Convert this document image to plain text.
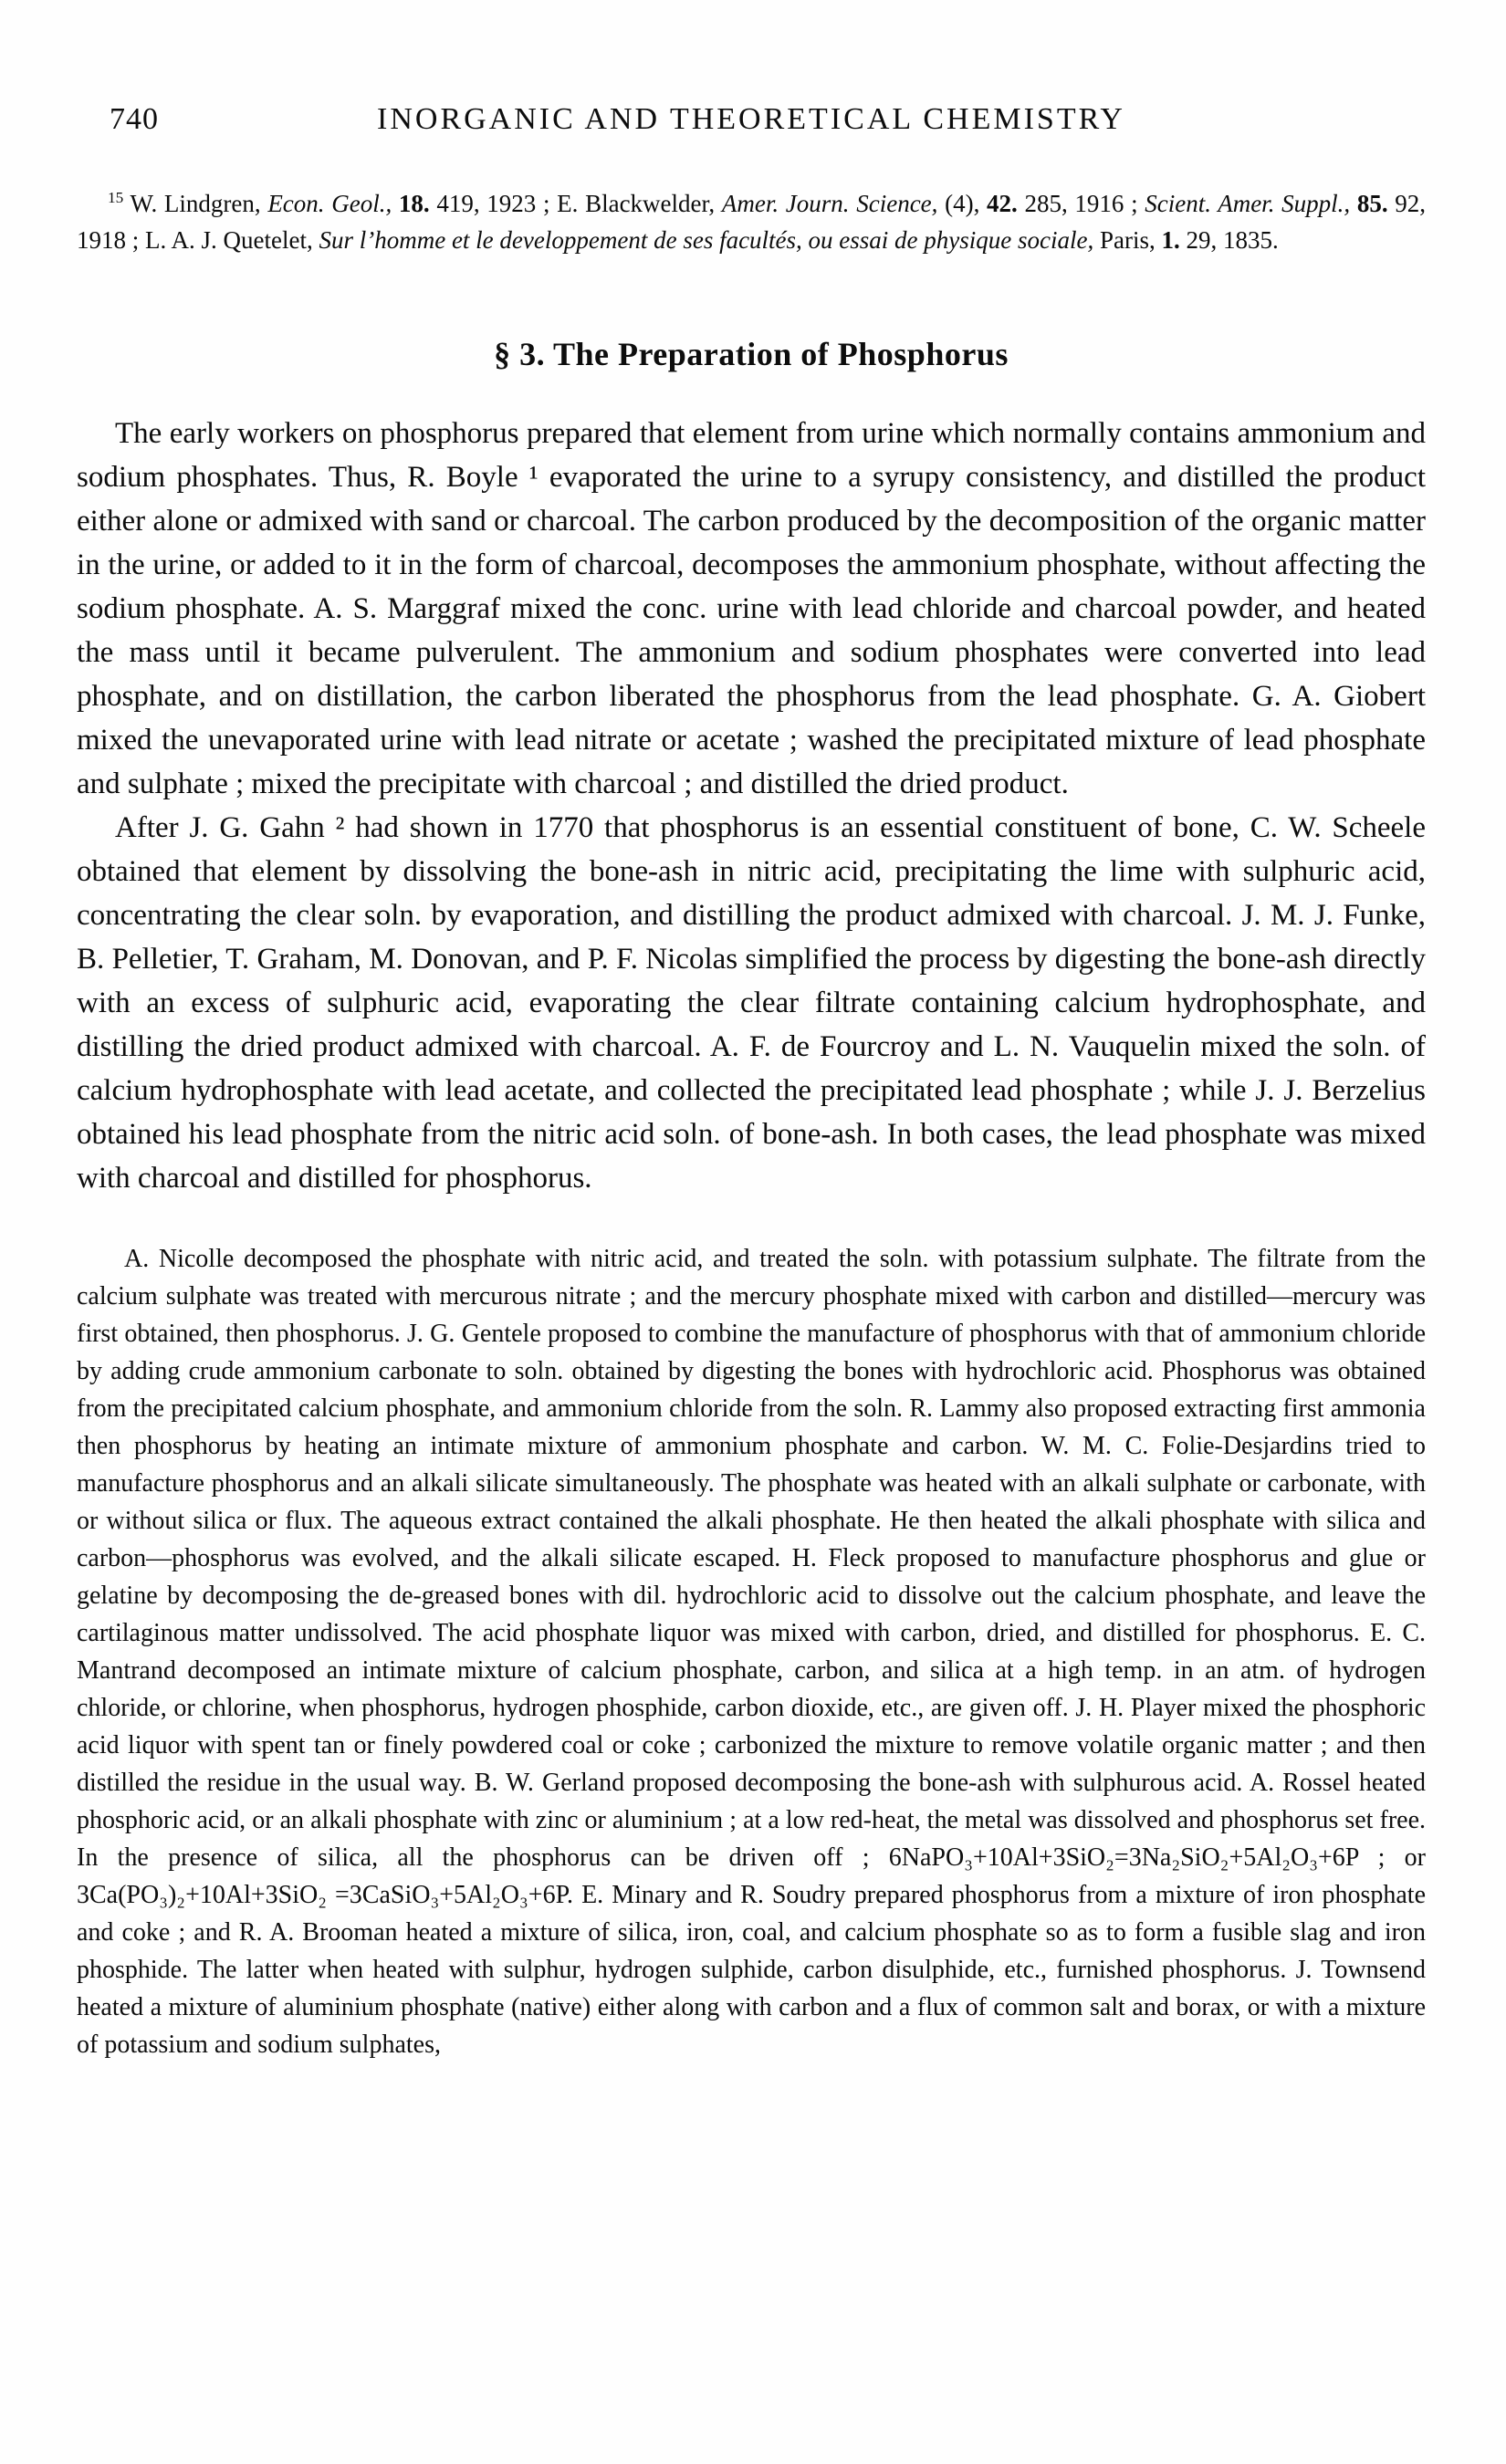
740	INORGANIC AND THEORETICAL CHEMISTRY

$^{15}$ W. Lindgren, Econ. Geol., 18. 419, 1923 ; E. Blackwelder, Amer. Journ. Science, (4), 42. 285, 1916 ; Scient. Amer. Suppl., 85. 92, 1918 ; L. A. J. Quetelet, Sur l’homme et le developpement de ses facultés, ou essai de physique sociale, Paris, 1. 29, 1835.

§ 3. The Preparation of Phosphorus

The early workers on phosphorus prepared that element from urine which normally contains ammonium and sodium phosphates. Thus, R. Boyle ¹ evaporated the urine to a syrupy consistency, and distilled the product either alone or admixed with sand or charcoal. The carbon produced by the decomposition of the organic matter in the urine, or added to it in the form of charcoal, decomposes the ammonium phosphate, without affecting the sodium phosphate. A. S. Marggraf mixed the conc. urine with lead chloride and charcoal powder, and heated the mass until it became pulverulent. The ammonium and sodium phosphates were converted into lead phosphate, and on distillation, the carbon liberated the phosphorus from the lead phosphate. G. A. Giobert mixed the unevaporated urine with lead nitrate or acetate ; washed the precipitated mixture of lead phosphate and sulphate ; mixed the precipitate with charcoal ; and distilled the dried product.

After J. G. Gahn ² had shown in 1770 that phosphorus is an essential constituent of bone, C. W. Scheele obtained that element by dissolving the bone-ash in nitric acid, precipitating the lime with sulphuric acid, concentrating the clear soln. by evaporation, and distilling the product admixed with charcoal. J. M. J. Funke, B. Pelletier, T. Graham, M. Donovan, and P. F. Nicolas simplified the process by digesting the bone-ash directly with an excess of sulphuric acid, evaporating the clear filtrate containing calcium hydrophosphate, and distilling the dried product admixed with charcoal. A. F. de Fourcroy and L. N. Vauquelin mixed the soln. of calcium hydrophosphate with lead acetate, and collected the precipitated lead phosphate ; while J. J. Berzelius obtained his lead phosphate from the nitric acid soln. of bone-ash. In both cases, the lead phosphate was mixed with charcoal and distilled for phosphorus.

A. Nicolle decomposed the phosphate with nitric acid, and treated the soln. with potassium sulphate. The filtrate from the calcium sulphate was treated with mercurous nitrate ; and the mercury phosphate mixed with carbon and distilled—mercury was first obtained, then phosphorus. J. G. Gentele proposed to combine the manufacture of phosphorus with that of ammonium chloride by adding crude ammonium carbonate to soln. obtained by digesting the bones with hydrochloric acid. Phosphorus was obtained from the precipitated calcium phosphate, and ammonium chloride from the soln. R. Lammy also proposed extracting first ammonia then phosphorus by heating an intimate mixture of ammonium phosphate and carbon. W. M. C. Folie-Desjardins tried to manufacture phosphorus and an alkali silicate simultaneously. The phosphate was heated with an alkali sulphate or carbonate, with or without silica or flux. The aqueous extract contained the alkali phosphate. He then heated the alkali phosphate with silica and carbon—phosphorus was evolved, and the alkali silicate escaped. H. Fleck proposed to manufacture phosphorus and glue or gelatine by decomposing the de-greased bones with dil. hydrochloric acid to dissolve out the calcium phosphate, and leave the cartilaginous matter undissolved. The acid phosphate liquor was mixed with carbon, dried, and distilled for phosphorus. E. C. Mantrand decomposed an intimate mixture of calcium phosphate, carbon, and silica at a high temp. in an atm. of hydrogen chloride, or chlorine, when phosphorus, hydrogen phosphide, carbon dioxide, etc., are given off. J. H. Player mixed the phosphoric acid liquor with spent tan or finely powdered coal or coke ; carbonized the mixture to remove volatile organic matter ; and then distilled the residue in the usual way. B. W. Gerland proposed decomposing the bone-ash with sulphurous acid. A. Rossel heated phosphoric acid, or an alkali phosphate with zinc or aluminium ; at a low red-heat, the metal was dissolved and phosphorus set free. In the presence of silica, all the phosphorus can be driven off ; 6NaPO₃+10Al+3SiO₂=3Na₂SiO₂+5Al₂O₃+6P ; or 3Ca(PO₃)₂+10Al+3SiO₂ =3CaSiO₃+5Al₂O₃+6P. E. Minary and R. Soudry prepared phosphorus from a mixture of iron phosphate and coke ; and R. A. Brooman heated a mixture of silica, iron, coal, and calcium phosphate so as to form a fusible slag and iron phosphide. The latter when heated with sulphur, hydrogen sulphide, carbon disulphide, etc., furnished phosphorus. J. Townsend heated a mixture of aluminium phosphate (native) either along with carbon and a flux of common salt and borax, or with a mixture of potassium and sodium sulphates,
